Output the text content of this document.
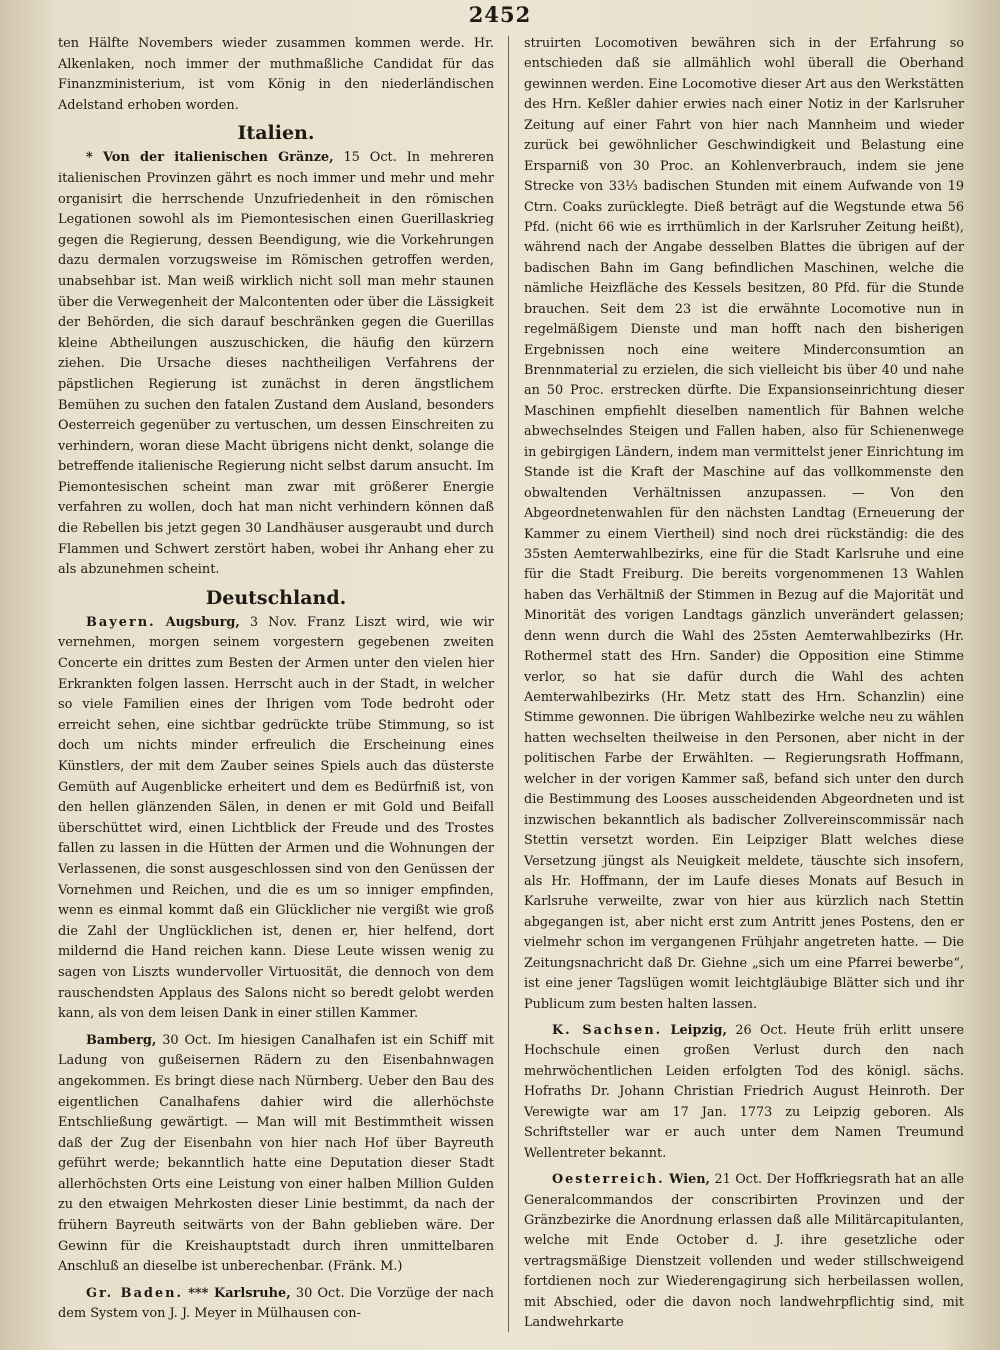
2452

ten Hälfte Novembers wieder zusammen kommen werde. Hr. Alkenlaken, noch immer der muthmaßliche Candidat für das Finanzministerium, ist vom König in den niederländischen Adelstand erhoben worden.

Italien.

* Von der italienischen Gränze, 15 Oct. In mehreren italienischen Provinzen gährt es noch immer und mehr und mehr organisirt die herrschende Unzufriedenheit in den römischen Legationen sowohl als im Piemontesischen einen Guerillaskrieg gegen die Regierung, dessen Beendigung, wie die Vorkehrungen dazu dermalen vorzugsweise im Römischen getroffen werden, unabsehbar ist. Man weiß wirklich nicht soll man mehr staunen über die Verwegenheit der Malcontenten oder über die Lässigkeit der Behörden, die sich darauf beschränken gegen die Guerillas kleine Abtheilungen auszuschicken, die häufig den kürzern ziehen. Die Ursache dieses nachtheiligen Verfahrens der päpstlichen Regierung ist zunächst in deren ängstlichem Bemühen zu suchen den fatalen Zustand dem Ausland, besonders Oesterreich gegenüber zu vertuschen, um dessen Einschreiten zu verhindern, woran diese Macht übrigens nicht denkt, solange die betreffende italienische Regierung nicht selbst darum ansucht. Im Piemontesischen scheint man zwar mit größerer Energie verfahren zu wollen, doch hat man nicht verhindern können daß die Rebellen bis jetzt gegen 30 Landhäuser ausgeraubt und durch Flammen und Schwert zerstört haben, wobei ihr Anhang eher zu als abzunehmen scheint.

Deutschland.

Bayern. Augsburg, 3 Nov. Franz Liszt wird, wie wir vernehmen, morgen seinem vorgestern gegebenen zweiten Concerte ein drittes zum Besten der Armen unter den vielen hier Erkrankten folgen lassen. Herrscht auch in der Stadt, in welcher so viele Familien eines der Ihrigen vom Tode bedroht oder erreicht sehen, eine sichtbar gedrückte trübe Stimmung, so ist doch um nichts minder erfreulich die Erscheinung eines Künstlers, der mit dem Zauber seines Spiels auch das düsterste Gemüth auf Augenblicke erheitert und dem es Bedürfniß ist, von den hellen glänzenden Sälen, in denen er mit Gold und Beifall überschüttet wird, einen Lichtblick der Freude und des Trostes fallen zu lassen in die Hütten der Armen und die Wohnungen der Verlassenen, die sonst ausgeschlossen sind von den Genüssen der Vornehmen und Reichen, und die es um so inniger empfinden, wenn es einmal kommt daß ein Glücklicher nie vergißt wie groß die Zahl der Unglücklichen ist, denen er, hier helfend, dort mildernd die Hand reichen kann. Diese Leute wissen wenig zu sagen von Liszts wundervoller Virtuosität, die dennoch von dem rauschendsten Applaus des Salons nicht so beredt gelobt werden kann, als von dem leisen Dank in einer stillen Kammer.

Bamberg, 30 Oct. Im hiesigen Canalhafen ist ein Schiff mit Ladung von gußeisernen Rädern zu den Eisenbahnwagen angekommen. Es bringt diese nach Nürnberg. Ueber den Bau des eigentlichen Canalhafens dahier wird die allerhöchste Entschließung gewärtigt. — Man will mit Bestimmtheit wissen daß der Zug der Eisenbahn von hier nach Hof über Bayreuth geführt werde; bekanntlich hatte eine Deputation dieser Stadt allerhöchsten Orts eine Leistung von einer halben Million Gulden zu den etwaigen Mehrkosten dieser Linie bestimmt, da nach der frühern Bayreuth seitwärts von der Bahn geblieben wäre. Der Gewinn für die Kreishauptstadt durch ihren unmittelbaren Anschluß an dieselbe ist unberechenbar. (Fränk. M.)

Gr. Baden. *** Karlsruhe, 30 Oct. Die Vorzüge der nach dem System von J. J. Meyer in Mülhausen con-

struirten Locomotiven bewähren sich in der Erfahrung so entschieden daß sie allmählich wohl überall die Oberhand gewinnen werden. Eine Locomotive dieser Art aus den Werkstätten des Hrn. Keßler dahier erwies nach einer Notiz in der Karlsruher Zeitung auf einer Fahrt von hier nach Mannheim und wieder zurück bei gewöhnlicher Geschwindigkeit und Belastung eine Ersparniß von 30 Proc. an Kohlenverbrauch, indem sie jene Strecke von 33⅓ badischen Stunden mit einem Aufwande von 19 Ctrn. Coaks zurücklegte. Dieß beträgt auf die Wegstunde etwa 56 Pfd. (nicht 66 wie es irrthümlich in der Karlsruher Zeitung heißt), während nach der Angabe desselben Blattes die übrigen auf der badischen Bahn im Gang befindlichen Maschinen, welche die nämliche Heizfläche des Kessels besitzen, 80 Pfd. für die Stunde brauchen. Seit dem 23 ist die erwähnte Locomotive nun in regelmäßigem Dienste und man hofft nach den bisherigen Ergebnissen noch eine weitere Minderconsumtion an Brennmaterial zu erzielen, die sich vielleicht bis über 40 und nahe an 50 Proc. erstrecken dürfte. Die Expansionseinrichtung dieser Maschinen empfiehlt dieselben namentlich für Bahnen welche abwechselndes Steigen und Fallen haben, also für Schienenwege in gebirgigen Ländern, indem man vermittelst jener Einrichtung im Stande ist die Kraft der Maschine auf das vollkommenste den obwaltenden Verhältnissen anzupassen. — Von den Abgeordnetenwahlen für den nächsten Landtag (Erneuerung der Kammer zu einem Viertheil) sind noch drei rückständig: die des 35sten Aemterwahlbezirks, eine für die Stadt Karlsruhe und eine für die Stadt Freiburg. Die bereits vorgenommenen 13 Wahlen haben das Verhältniß der Stimmen in Bezug auf die Majorität und Minorität des vorigen Landtags gänzlich unverändert gelassen; denn wenn durch die Wahl des 25sten Aemterwahlbezirks (Hr. Rothermel statt des Hrn. Sander) die Opposition eine Stimme verlor, so hat sie dafür durch die Wahl des achten Aemterwahlbezirks (Hr. Metz statt des Hrn. Schanzlin) eine Stimme gewonnen. Die übrigen Wahlbezirke welche neu zu wählen hatten wechselten theilweise in den Personen, aber nicht in der politischen Farbe der Erwählten. — Regierungsrath Hoffmann, welcher in der vorigen Kammer saß, befand sich unter den durch die Bestimmung des Looses ausscheidenden Abgeordneten und ist inzwischen bekanntlich als badischer Zollvereinscommissär nach Stettin versetzt worden. Ein Leipziger Blatt welches diese Versetzung jüngst als Neuigkeit meldete, täuschte sich insofern, als Hr. Hoffmann, der im Laufe dieses Monats auf Besuch in Karlsruhe verweilte, zwar von hier aus kürzlich nach Stettin abgegangen ist, aber nicht erst zum Antritt jenes Postens, den er vielmehr schon im vergangenen Frühjahr angetreten hatte. — Die Zeitungsnachricht daß Dr. Giehne „sich um eine Pfarrei bewerbe“, ist eine jener Tagslügen womit leichtgläubige Blätter sich und ihr Publicum zum besten halten lassen.

K. Sachsen. Leipzig, 26 Oct. Heute früh erlitt unsere Hochschule einen großen Verlust durch den nach mehrwöchentlichen Leiden erfolgten Tod des königl. sächs. Hofraths Dr. Johann Christian Friedrich August Heinroth. Der Verewigte war am 17 Jan. 1773 zu Leipzig geboren. Als Schriftsteller war er auch unter dem Namen Treumund Wellentreter bekannt.

Oesterreich. Wien, 21 Oct. Der Hoffkriegsrath hat an alle Generalcommandos der conscribirten Provinzen und der Gränzbezirke die Anordnung erlassen daß alle Militärcapitulanten, welche mit Ende October d. J. ihre gesetzliche oder vertragsmäßige Dienstzeit vollenden und weder stillschweigend fortdienen noch zur Wiederengagirung sich herbeilassen wollen, mit Abschied, oder die davon noch landwehrpflichtig sind, mit Landwehrkarte
